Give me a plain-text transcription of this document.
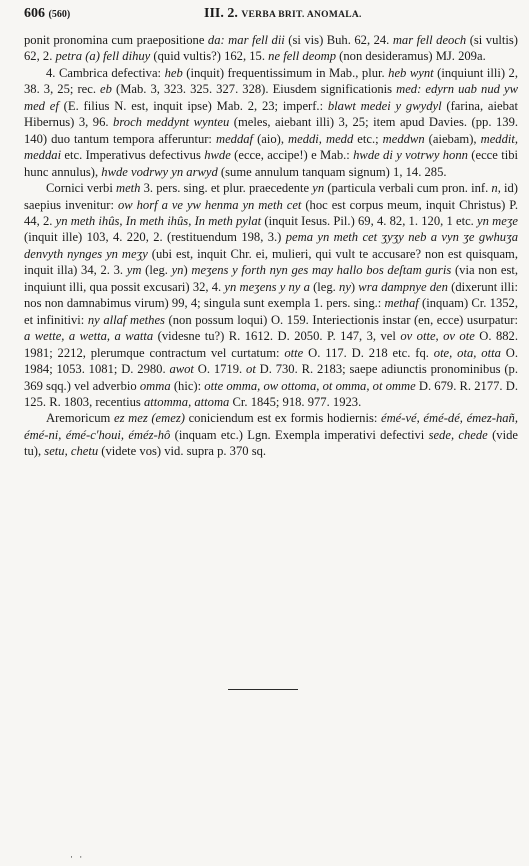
606 (560)	III. 2. VERBA BRIT. ANOMALA.

ponit pronomina cum praepositione da: mar fell dii (si vis) Buh. 62, 24. mar fell deoch (si vultis) 62, 2. petra (a) fell dihuy (quid vultis?) 162, 15. ne fell deomp (non desideramus) MJ. 209a.

4. Cambrica defectiva: heb (inquit) frequentissimum in Mab., plur. heb wynt (inquiunt illi) 2, 38. 3, 25; rec. eb (Mab. 3, 323. 325. 327. 328). Eiusdem significationis med: edyrn uab nud yw med ef (E. filius N. est, inquit ipse) Mab. 2, 23; imperf.: blawt medei y gwydyl (farina, aiebat Hibernus) 3, 96. broch meddynt wynteu (meles, aiebant illi) 3, 25; item apud Davies. (pp. 139. 140) duo tantum tempora afferuntur: meddaf (aio), meddi, medd etc.; meddwn (aiebam), meddit, meddai etc. Imperativus defectivus hwde (ecce, accipe!) e Mab.: hwde di y votrwy honn (ecce tibi hunc annulus), hwde vodrwy yn arwyd (sume annulum tanquam signum) 1, 14. 285.

Cornici verbi meth 3. pers. sing. et plur. praecedente yn (particula verbali cum pron. inf. n, id) saepius invenitur: ow horf a ve yw henma yn meth cet (hoc est corpus meum, inquit Christus) P. 44, 2. yn meth ihûs, In meth ihûs, In meth pylat (inquit Iesus. Pil.) 69, 4. 82, 1. 120, 1 etc. yn meʒe (inquit ille) 103, 4. 220, 2. (restituendum 198, 3.) pema yn meth cet ʒyʒy neb a vyn ʒe gwhuʒa denvyth nynges yn meʒy (ubi est, inquit Chr. ei, mulieri, qui vult te accusare? non est quisquam, inquit illa) 34, 2. 3. ym (leg. yn) meʒens y forth nyn ges may hallo bos deſtam guris (via non est, inquiunt illi, qua possit excusari) 32, 4. yn meʒens y ny a (leg. ny) wra dampnye den (dixerunt illi: nos non damnabimus virum) 99, 4; singula sunt exempla 1. pers. sing.: methaf (inquam) Cr. 1352, et infinitivi: ny allaf methes (non possum loqui) O. 159. Interiectionis instar (en, ecce) usurpatur: a wette, a wetta, a watta (videsne tu?) R. 1612. D. 2050. P. 147, 3, vel ov otte, ov ote O. 882. 1981; 2212, plerumque contractum vel curtatum: otte O. 117. D. 218 etc. fq. ote, ota, otta O. 1984; 1053. 1081; D. 2980. awot O. 1719. ot D. 730. R. 2183; saepe adiunctis pronominibus (p. 369 sqq.) vel adverbio omma (hic): otte omma, ow ottoma, ot omma, ot omme D. 679. R. 2177. D. 125. R. 1803, recentius attomma, attoma Cr. 1845; 918. 977. 1923.

Aremoricum ez mez (emez) coniciendum est ex formis hodiernis: émé-vé, émé-dé, émez-hañ, émé-ni, émé-c'houi, éméz-hô (inquam etc.) Lgn. Exempla imperativi defectivi sede, chede (vide tu), setu, chetu (videte vos) vid. supra p. 370 sq.

· ·
